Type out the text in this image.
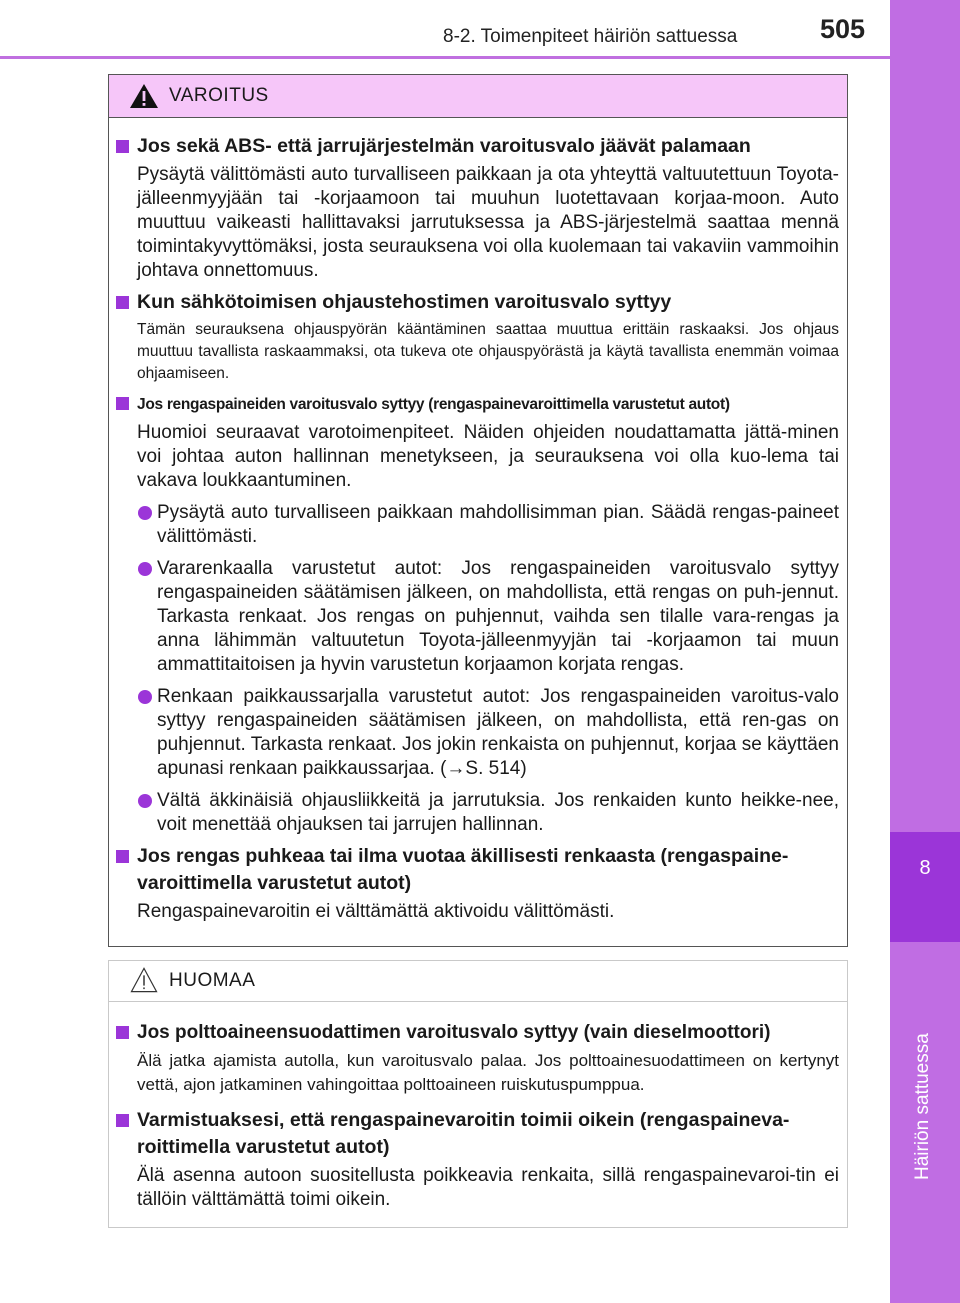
8-2. Toimenpiteet häiriön sattuessa	505
8
Häiriön sattuessa
VAROITUS
Jos sekä ABS- että jarrujärjestelmän varoitusvalo jäävät palamaan
Pysäytä välittömästi auto turvalliseen paikkaan ja ota yhteyttä valtuutettuun Toyota-jälleenmyyjään tai -korjaamoon tai muuhun luotettavaan korjaa-moon. Auto muuttuu vaikeasti hallittavaksi jarrutuksessa ja ABS-järjestelmä saattaa mennä toimintakyvyttömäksi, josta seurauksena voi olla kuolemaan tai vakaviin vammoihin johtava onnettomuus.
Kun sähkötoimisen ohjaustehostimen varoitusvalo syttyy
Tämän seurauksena ohjauspyörän kääntäminen saattaa muuttua erittäin raskaaksi. Jos ohjaus muuttuu tavallista raskaammaksi, ota tukeva ote ohjauspyörästä ja käytä tavallista enemmän voimaa ohjaamiseen.
Jos rengaspaineiden varoitusvalo syttyy (rengaspainevaroittimella varustetut autot)
Huomioi seuraavat varotoimenpiteet. Näiden ohjeiden noudattamatta jättä-minen voi johtaa auton hallinnan menetykseen, ja seurauksena voi olla kuo-lema tai vakava loukkaantuminen.
Pysäytä auto turvalliseen paikkaan mahdollisimman pian. Säädä rengas-paineet välittömästi.
Vararenkaalla varustetut autot: Jos rengaspaineiden varoitusvalo syttyy rengaspaineiden säätämisen jälkeen, on mahdollista, että rengas on puh-jennut. Tarkasta renkaat. Jos rengas on puhjennut, vaihda sen tilalle vara-rengas ja anna lähimmän valtuutetun Toyota-jälleenmyyjän tai -korjaamon tai muun ammattitaitoisen ja hyvin varustetun korjaamon korjata rengas.
Renkaan paikkaussarjalla varustetut autot: Jos rengaspaineiden varoitus-valo syttyy rengaspaineiden säätämisen jälkeen, on mahdollista, että ren-gas on puhjennut. Tarkasta renkaat. Jos jokin renkaista on puhjennut, korjaa se käyttäen apunasi renkaan paikkaussarjaa. (→S. 514)
Vältä äkkinäisiä ohjausliikkeitä ja jarrutuksia. Jos renkaiden kunto heikke-nee, voit menettää ohjauksen tai jarrujen hallinnan.
Jos rengas puhkeaa tai ilma vuotaa äkillisesti renkaasta (rengaspaine-varoittimella varustetut autot)
Rengaspainevaroitin ei välttämättä aktivoidu välittömästi.
HUOMAA
Jos polttoaineensuodattimen varoitusvalo syttyy (vain dieselmoottori)
Älä jatka ajamista autolla, kun varoitusvalo palaa. Jos polttoainesuodattimeen on kertynyt vettä, ajon jatkaminen vahingoittaa polttoaineen ruiskutuspumppua.
Varmistuaksesi, että rengaspainevaroitin toimii oikein (rengaspaineva-roittimella varustetut autot)
Älä asenna autoon suositellusta poikkeavia renkaita, sillä rengaspainevaroi-tin ei tällöin välttämättä toimi oikein.
